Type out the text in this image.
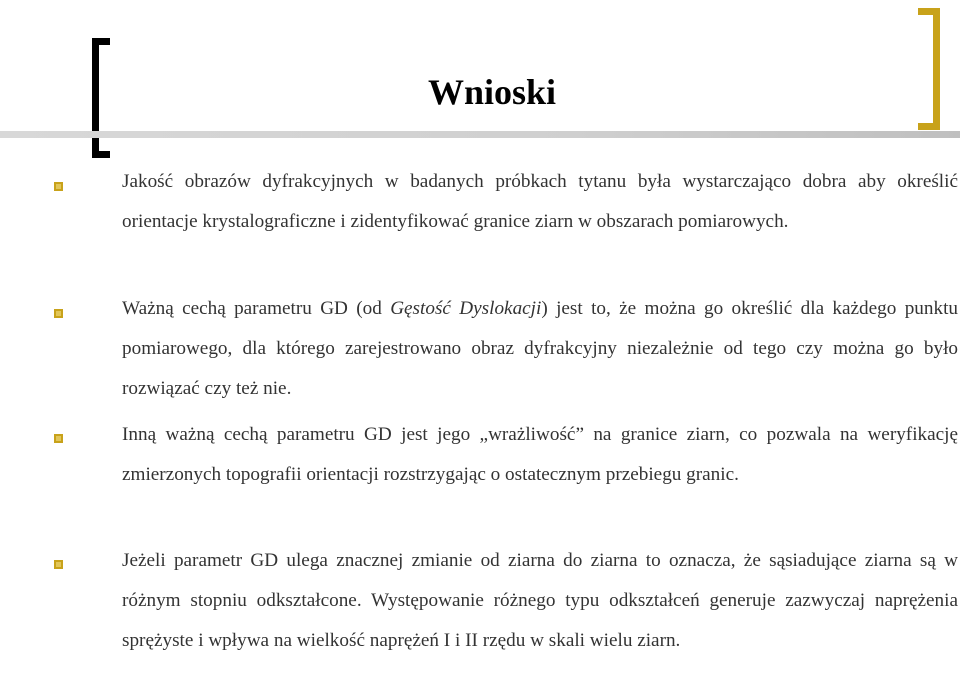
Wnioski
Jakość obrazów dyfrakcyjnych w badanych próbkach tytanu była wystarczająco dobra aby określić orientacje krystalograficzne i zidentyfikować granice ziarn w obszarach pomiarowych.
Ważną cechą parametru GD (od Gęstość Dyslokacji) jest to, że można go określić dla każdego punktu pomiarowego, dla którego zarejestrowano obraz dyfrakcyjny niezależnie od tego czy można go było rozwiązać czy też nie.
Inną ważną cechą parametru GD jest jego „wrażliwość” na granice ziarn, co pozwala na weryfikację zmierzonych topografii orientacji rozstrzygając o ostatecznym przebiegu granic.
Jeżeli parametr GD ulega znacznej zmianie od ziarna do ziarna to oznacza, że sąsiadujące ziarna są w różnym stopniu odkształcone. Występowanie różnego typu odkształceń generuje zazwyczaj naprężenia sprężyste i wpływa na wielkość naprężeń I i II rzędu w skali wielu ziarn.
